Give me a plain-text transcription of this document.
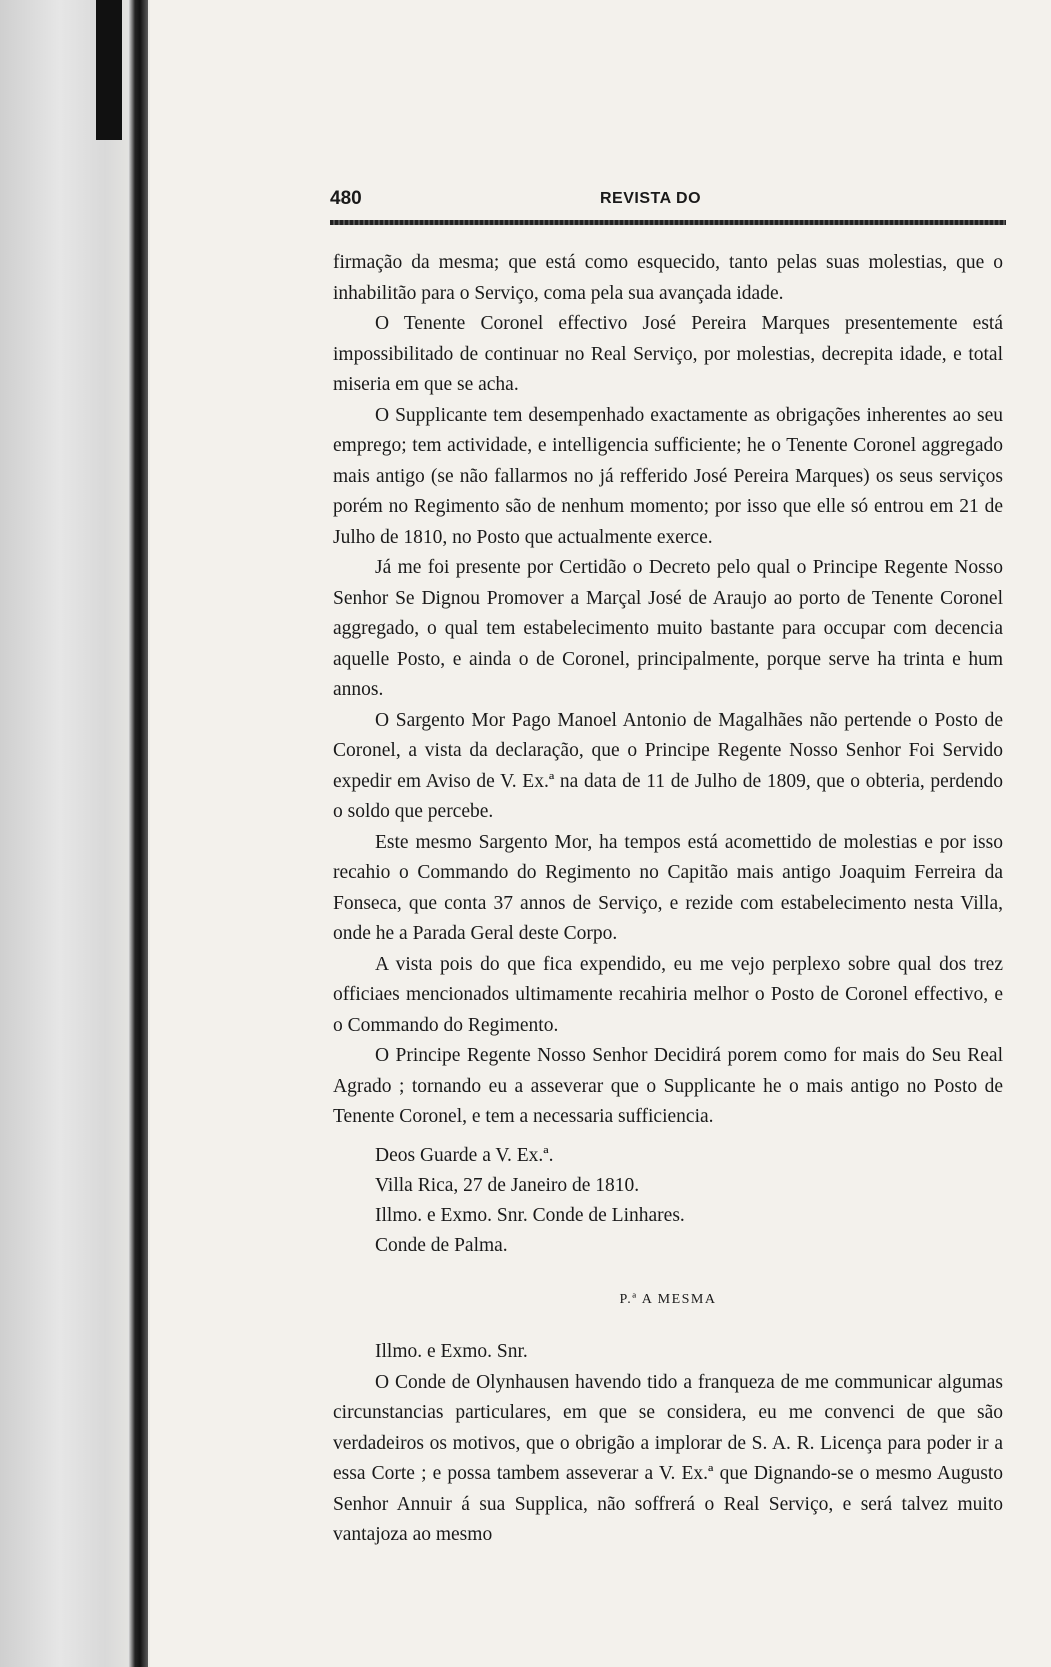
480	REVISTA DO

firmação da mesma; que está como esquecido, tanto pelas suas molestias, que o inhabilitão para o Serviço, coma pela sua avançada idade.

O Tenente Coronel effectivo José Pereira Marques presentemente está impossibilitado de continuar no Real Serviço, por molestias, decrepita idade, e total miseria em que se acha.

O Supplicante tem desempenhado exactamente as obrigações inherentes ao seu emprego; tem actividade, e intelligencia sufficiente; he o Tenente Coronel aggregado mais antigo (se não fallarmos no já refferido José Pereira Marques) os seus serviços porém no Regimento são de nenhum momento; por isso que elle só entrou em 21 de Julho de 1810, no Posto que actualmente exerce.

Já me foi presente por Certidão o Decreto pelo qual o Principe Regente Nosso Senhor Se Dignou Promover a Marçal José de Araujo ao porto de Tenente Coronel aggregado, o qual tem estabelecimento muito bastante para occupar com decencia aquelle Posto, e ainda o de Coronel, principalmente, porque serve ha trinta e hum annos.

O Sargento Mor Pago Manoel Antonio de Magalhães não pertende o Posto de Coronel, a vista da declaração, que o Principe Regente Nosso Senhor Foi Servido expedir em Aviso de V. Ex.ª na data de 11 de Julho de 1809, que o obteria, perdendo o soldo que percebe.

Este mesmo Sargento Mor, ha tempos está acomettido de molestias e por isso recahio o Commando do Regimento no Capitão mais antigo Joaquim Ferreira da Fonseca, que conta 37 annos de Serviço, e rezide com estabelecimento nesta Villa, onde he a Parada Geral deste Corpo.

A vista pois do que fica expendido, eu me vejo perplexo sobre qual dos trez officiaes mencionados ultimamente recahiria melhor o Posto de Coronel effectivo, e o Commando do Regimento.

O Principe Regente Nosso Senhor Decidirá porem como for mais do Seu Real Agrado ; tornando eu a asseverar que o Supplicante he o mais antigo no Posto de Tenente Coronel, e tem a necessaria sufficiencia.

Deos Guarde a V. Ex.ª.

Villa Rica, 27 de Janeiro de 1810.

Illmo. e Exmo. Snr. Conde de Linhares.

Conde de Palma.

P.ª A MESMA

Illmo. e Exmo. Snr.

O Conde de Olynhausen havendo tido a franqueza de me communicar algumas circunstancias particulares, em que se considera, eu me convenci de que são verdadeiros os motivos, que o obrigão a implorar de S. A. R. Licença para poder ir a essa Corte ; e possa tambem asseverar a V. Ex.ª que Dignando-se o mesmo Augusto Senhor Annuir á sua Supplica, não soffrerá o Real Serviço, e será talvez muito vantajoza ao mesmo
